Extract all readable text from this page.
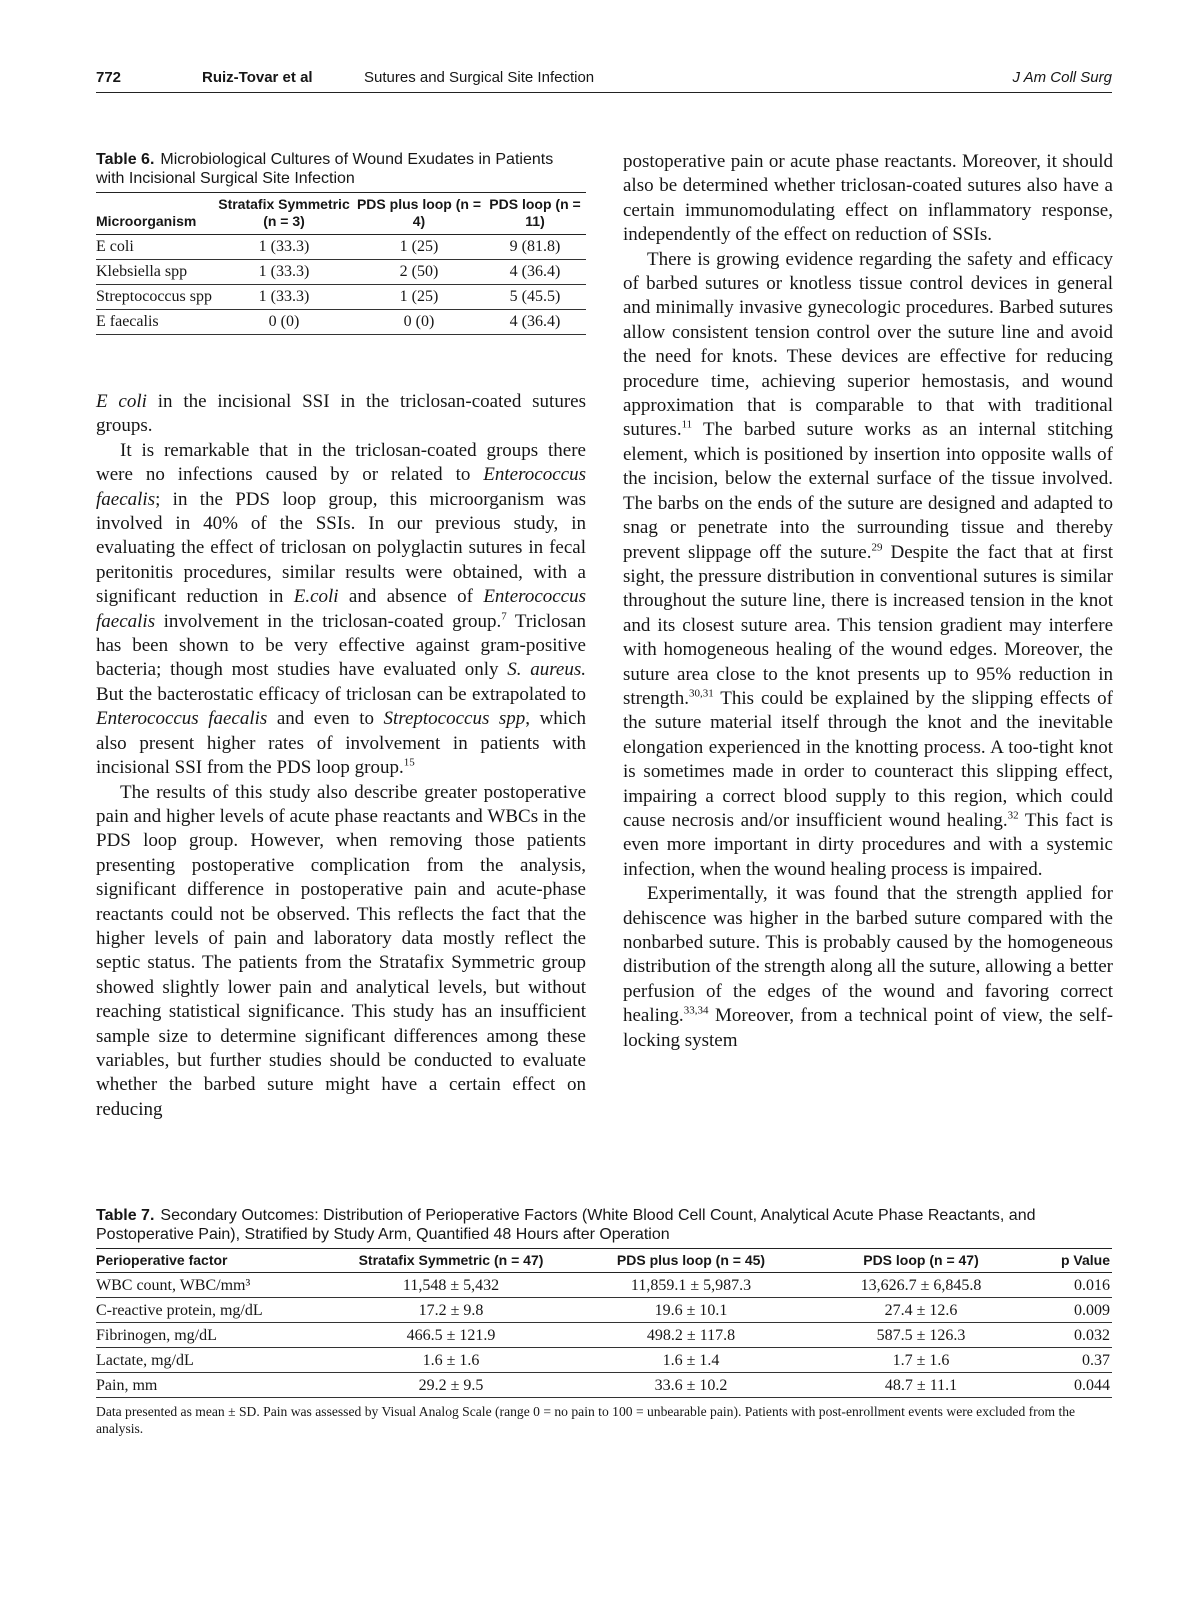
772	Ruiz-Tovar et al	Sutures and Surgical Site Infection	J Am Coll Surg

Table 6. Microbiological Cultures of Wound Exudates in Patients with Incisional Surgical Site Infection

Microorganism	Stratafix Symmetric (n = 3)	PDS plus loop (n = 4)	PDS loop (n = 11)
E coli	1 (33.3)	1 (25)	9 (81.8)
Klebsiella spp	1 (33.3)	2 (50)	4 (36.4)
Streptococcus spp	1 (33.3)	1 (25)	5 (45.5)
E faecalis	0 (0)	0 (0)	4 (36.4)

E coli in the incisional SSI in the triclosan-coated sutures groups.

It is remarkable that in the triclosan-coated groups there were no infections caused by or related to Enterococcus faecalis; in the PDS loop group, this microorganism was involved in 40% of the SSIs. In our previous study, in evaluating the effect of triclosan on polyglactin sutures in fecal peritonitis procedures, similar results were obtained, with a significant reduction in E.coli and absence of Enterococcus faecalis involvement in the triclosan-coated group.$^7$ Triclosan has been shown to be very effective against gram-positive bacteria; though most studies have evaluated only S. aureus. But the bacterostatic efficacy of triclosan can be extrapolated to Enterococcus faecalis and even to Streptococcus spp, which also present higher rates of involvement in patients with incisional SSI from the PDS loop group.$^{15}$

The results of this study also describe greater postoperative pain and higher levels of acute phase reactants and WBCs in the PDS loop group. However, when removing those patients presenting postoperative complication from the analysis, significant difference in postoperative pain and acute-phase reactants could not be observed. This reflects the fact that the higher levels of pain and laboratory data mostly reflect the septic status. The patients from the Stratafix Symmetric group showed slightly lower pain and analytical levels, but without reaching statistical significance. This study has an insufficient sample size to determine significant differences among these variables, but further studies should be conducted to evaluate whether the barbed suture might have a certain effect on reducing

postoperative pain or acute phase reactants. Moreover, it should also be determined whether triclosan-coated sutures also have a certain immunomodulating effect on inflammatory response, independently of the effect on reduction of SSIs.

There is growing evidence regarding the safety and efficacy of barbed sutures or knotless tissue control devices in general and minimally invasive gynecologic procedures. Barbed sutures allow consistent tension control over the suture line and avoid the need for knots. These devices are effective for reducing procedure time, achieving superior hemostasis, and wound approximation that is comparable to that with traditional sutures.$^{11}$ The barbed suture works as an internal stitching element, which is positioned by insertion into opposite walls of the incision, below the external surface of the tissue involved. The barbs on the ends of the suture are designed and adapted to snag or penetrate into the surrounding tissue and thereby prevent slippage off the suture.$^{29}$ Despite the fact that at first sight, the pressure distribution in conventional sutures is similar throughout the suture line, there is increased tension in the knot and its closest suture area. This tension gradient may interfere with homogeneous healing of the wound edges. Moreover, the suture area close to the knot presents up to 95% reduction in strength.$^{30,31}$ This could be explained by the slipping effects of the suture material itself through the knot and the inevitable elongation experienced in the knotting process. A too-tight knot is sometimes made in order to counteract this slipping effect, impairing a correct blood supply to this region, which could cause necrosis and/or insufficient wound healing.$^{32}$ This fact is even more important in dirty procedures and with a systemic infection, when the wound healing process is impaired.

Experimentally, it was found that the strength applied for dehiscence was higher in the barbed suture compared with the nonbarbed suture. This is probably caused by the homogeneous distribution of the strength along all the suture, allowing a better perfusion of the edges of the wound and favoring correct healing.$^{33,34}$ Moreover, from a technical point of view, the self-locking system

Table 7. Secondary Outcomes: Distribution of Perioperative Factors (White Blood Cell Count, Analytical Acute Phase Reactants, and Postoperative Pain), Stratified by Study Arm, Quantified 48 Hours after Operation

Perioperative factor	Stratafix Symmetric (n = 47)	PDS plus loop (n = 45)	PDS loop (n = 47)	p Value
WBC count, WBC/mm³	11,548 ± 5,432	11,859.1 ± 5,987.3	13,626.7 ± 6,845.8	0.016
C-reactive protein, mg/dL	17.2 ± 9.8	19.6 ± 10.1	27.4 ± 12.6	0.009
Fibrinogen, mg/dL	466.5 ± 121.9	498.2 ± 117.8	587.5 ± 126.3	0.032
Lactate, mg/dL	1.6 ± 1.6	1.6 ± 1.4	1.7 ± 1.6	0.37
Pain, mm	29.2 ± 9.5	33.6 ± 10.2	48.7 ± 11.1	0.044
Data presented as mean ± SD. Pain was assessed by Visual Analog Scale (range 0 = no pain to 100 = unbearable pain). Patients with post-enrollment events were excluded from the analysis.
